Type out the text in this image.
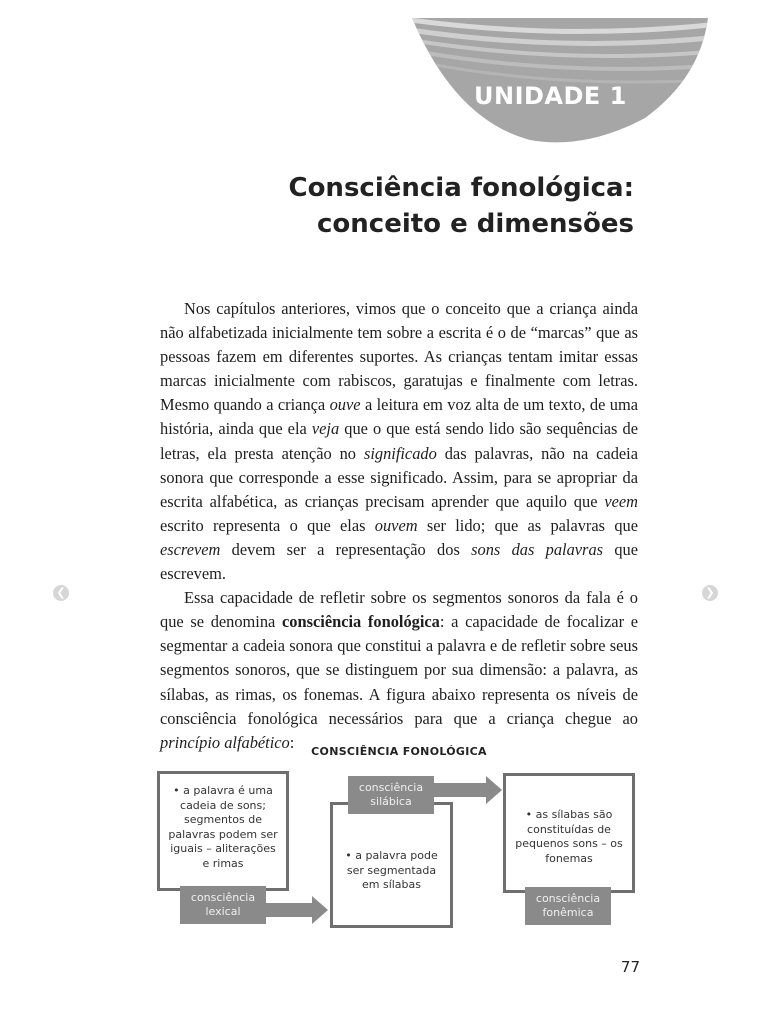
UNIDADE 1
Consciência fonológica:
conceito e dimensões

Nos capítulos anteriores, vimos que o conceito que a criança ainda não alfabetizada inicialmente tem sobre a escrita é o de “marcas” que as pessoas fazem em diferentes suportes. As crianças tentam imitar essas marcas inicialmente com rabiscos, garatujas e finalmente com letras. Mesmo quando a criança ouve a leitura em voz alta de um texto, de uma história, ainda que ela veja que o que está sendo lido são sequências de letras, ela presta atenção no significado das palavras, não na cadeia sonora que corresponde a esse significado. Assim, para se apropriar da escrita alfabética, as crianças precisam aprender que aquilo que veem escrito representa o que elas ouvem ser lido; que as palavras que escrevem devem ser a representação dos sons das palavras que escrevem.

Essa capacidade de refletir sobre os segmentos sonoros da fala é o que se denomina consciência fonológica: a capacidade de focalizar e segmentar a cadeia sonora que constitui a palavra e de refletir sobre seus segmentos sonoros, que se distinguem por sua dimensão: a palavra, as sílabas, as rimas, os fonemas. A figura abaixo representa os níveis de consciência fonológica necessários para que a criança chegue ao princípio alfabético:

❮	❯
CONSCIÊNCIA FONOLÓGICA
• a palavra é uma cadeia de sons; segmentos de palavras podem ser iguais – aliterações e rimas
consciência lexical
• a palavra pode ser segmentada em sílabas
consciência silábica
• as sílabas são constituídas de pequenos sons – os fonemas
consciência fonêmica
77
